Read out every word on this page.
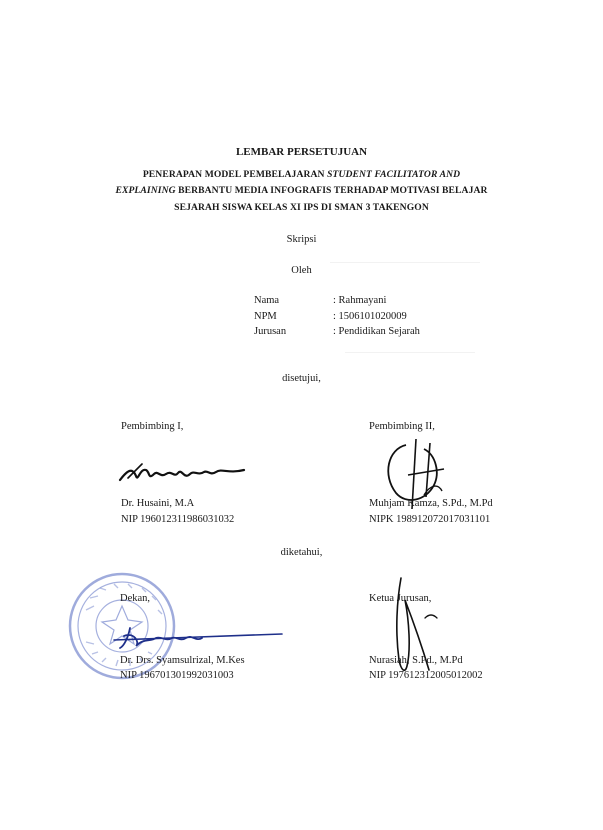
LEMBAR PERSETUJUAN
PENERAPAN MODEL PEMBELAJARAN STUDENT FACILITATOR AND
EXPLAINING BERBANTU MEDIA INFOGRAFIS TERHADAP MOTIVASI BELAJAR
SEJARAH SISWA KELAS XI IPS DI SMAN 3 TAKENGON
Skripsi
Oleh
Nama	: Rahmayani
NPM	: 1506101020009
Jurusan	: Pendidikan Sejarah
disetujui,
Pembimbing I,
Dr. Husaini, M.A
NIP 196012311986031032
Pembimbing II,
Muhjam Kamza, S.Pd., M.Pd
NIPK 198912072017031101
diketahui,
Dekan,
Dr. Drs. Syamsulrizal, M.Kes
NIP 196701301992031003
Ketua Jurusan,
Nurasiah, S.Pd., M.Pd
NIP 197612312005012002
